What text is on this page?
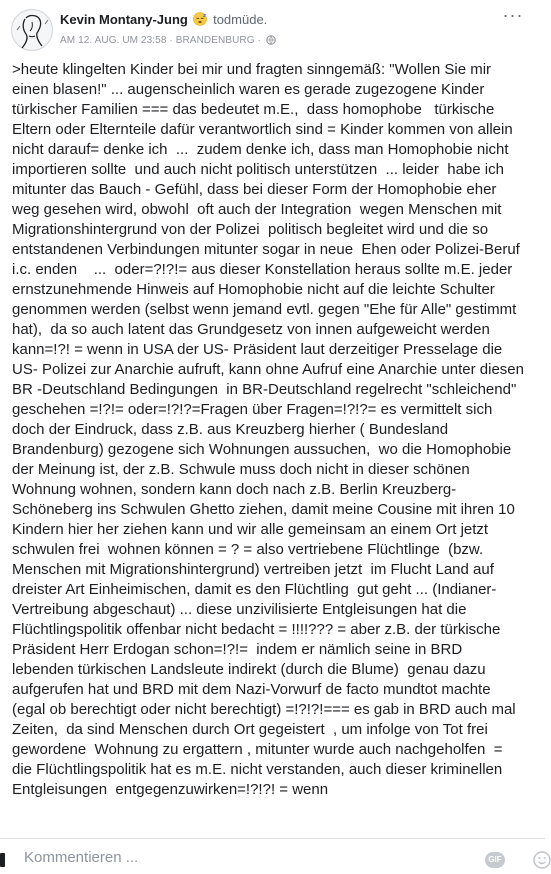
Kevin Montany-Jung todmüde.
AM 12. AUG. UM 23:58 · BRANDENBURG ·
···
>heute klingelten Kinder bei mir und fragten sinngemäß: "Wollen Sie mir einen blasen!" ... augenscheinlich waren es gerade zugezogene Kinder türkischer Familien === das bedeutet m.E.,  dass homophobe   türkische Eltern oder Elternteile dafür verantwortlich sind = Kinder kommen von allein nicht darauf= denke ich  ...  zudem denke ich, dass man Homophobie nicht importieren sollte  und auch nicht politisch unterstützen  ... leider  habe ich mitunter das Bauch - Gefühl, dass bei dieser Form der Homophobie eher weg gesehen wird, obwohl  oft auch der Integration  wegen Menschen mit Migrationshintergrund von der Polizei  politisch begleitet wird und die so entstandenen Verbindungen mitunter sogar in neue  Ehen oder Polizei-Beruf i.c. enden    ...  oder=?!?!= aus dieser Konstellation heraus sollte m.E. jeder ernstzunehmende Hinweis auf Homophobie nicht auf die leichte Schulter genommen werden (selbst wenn jemand evtl. gegen "Ehe für Alle" gestimmt hat),  da so auch latent das Grundgesetz von innen aufgeweicht werden kann=!?! = wenn in USA der US- Präsident laut derzeitiger Presselage die US- Polizei zur Anarchie aufruft, kann ohne Aufruf eine Anarchie unter diesen BR -Deutschland Bedingungen  in BR-Deutschland regelrecht "schleichend" geschehen =!?!= oder=!?!?=Fragen über Fragen=!?!?= es vermittelt sich doch der Eindruck, dass z.B. aus Kreuzberg hierher ( Bundesland Brandenburg) gezogene sich Wohnungen aussuchen,  wo die Homophobie der Meinung ist, der z.B. Schwule muss doch nicht in dieser schönen Wohnung wohnen, sondern kann doch nach z.B. Berlin Kreuzberg- Schöneberg ins Schwulen Ghetto ziehen, damit meine Cousine mit ihren 10 Kindern hier her ziehen kann und wir alle gemeinsam an einem Ort jetzt schwulen frei  wohnen können = ? = also vertriebene Flüchtlinge  (bzw. Menschen mit Migrationshintergrund) vertreiben jetzt  im Flucht Land auf dreister Art Einheimischen, damit es den Flüchtling  gut geht ... (Indianer-Vertreibung abgeschaut) ... diese unzivilisierte Entgleisungen hat die Flüchtlingspolitik offenbar nicht bedacht = !!!!??? = aber z.B. der türkische Präsident Herr Erdogan schon=!?!=  indem er nämlich seine in BRD lebenden türkischen Landsleute indirekt (durch die Blume)  genau dazu aufgerufen hat und BRD mit dem Nazi-Vorwurf de facto mundtot machte (egal ob berechtigt oder nicht berechtigt) =!?!?!=== es gab in BRD auch mal Zeiten,  da sind Menschen durch Ort gegeistert  , um infolge von Tot frei gewordene  Wohnung zu ergattern , mitunter wurde auch nachgeholfen  = die Flüchtlingspolitik hat es m.E. nicht verstanden, auch dieser kriminellen Entgleisungen  entgegenzuwirken=!?!?! = wenn
Kommentieren ...
GIF
